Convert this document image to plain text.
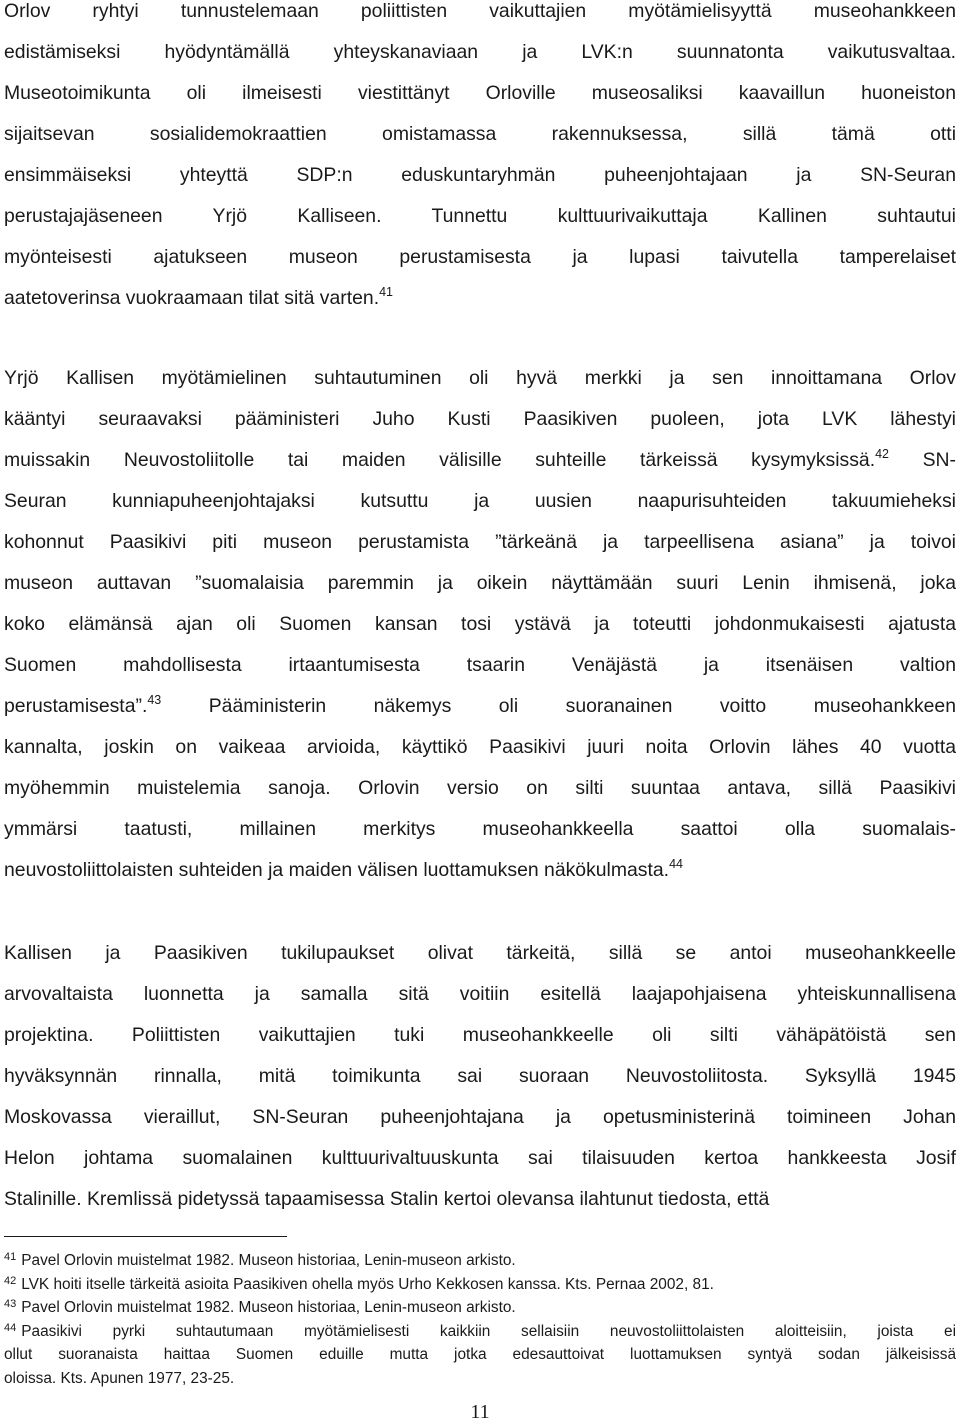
Orlov ryhtyi tunnustelemaan poliittisten vaikuttajien myötämielisyyttä museohankkeen
edistämiseksi hyödyntämällä yhteyskanaviaan ja LVK:n suunnatonta vaikutusvaltaa.
Museotoimikunta oli ilmeisesti viestittänyt Orloville museosaliksi kaavaillun huoneiston
sijaitsevan sosialidemokraattien omistamassa rakennuksessa, sillä tämä otti
ensimmäiseksi yhteyttä SDP:n eduskuntaryhmän puheenjohtajaan ja SN-Seuran
perustajajäseneen Yrjö Kalliseen. Tunnettu kulttuurivaikuttaja Kallinen suhtautui
myönteisesti ajatukseen museon perustamisesta ja lupasi taivutella tamperelaiset
aatetoverinsa vuokraamaan tilat sitä varten.$^{41}$
Yrjö Kallisen myötämielinen suhtautuminen oli hyvä merkki ja sen innoittamana Orlov
kääntyi seuraavaksi pääministeri Juho Kusti Paasikiven puoleen, jota LVK lähestyi
muissakin Neuvostoliitolle tai maiden välisille suhteille tärkeissä kysymyksissä.$^{42}$ SN-
Seuran kunniapuheenjohtajaksi kutsuttu ja uusien naapurisuhteiden takuumieheksi
kohonnut Paasikivi piti museon perustamista ”tärkeänä ja tarpeellisena asiana” ja toivoi
museon auttavan ”suomalaisia paremmin ja oikein näyttämään suuri Lenin ihmisenä, joka
koko elämänsä ajan oli Suomen kansan tosi ystävä ja toteutti johdonmukaisesti ajatusta
Suomen mahdollisesta irtaantumisesta tsaarin Venäjästä ja itsenäisen valtion
perustamisesta”.$^{43}$ Pääministerin näkemys oli suoranainen voitto museohankkeen
kannalta, joskin on vaikeaa arvioida, käyttikö Paasikivi juuri noita Orlovin lähes 40 vuotta
myöhemmin muistelemia sanoja. Orlovin versio on silti suuntaa antava, sillä Paasikivi
ymmärsi taatusti, millainen merkitys museohankkeella saattoi olla suomalais-
neuvostoliittolaisten suhteiden ja maiden välisen luottamuksen näkökulmasta.$^{44}$
Kallisen ja Paasikiven tukilupaukset olivat tärkeitä, sillä se antoi museohankkeelle
arvovaltaista luonnetta ja samalla sitä voitiin esitellä laajapohjaisena yhteiskunnallisena
projektina. Poliittisten vaikuttajien tuki museohankkeelle oli silti vähäpätöistä sen
hyväksynnän rinnalla, mitä toimikunta sai suoraan Neuvostoliitosta. Syksyllä 1945
Moskovassa vieraillut, SN-Seuran puheenjohtajana ja opetusministerinä toimineen Johan
Helon johtama suomalainen kulttuurivaltuuskunta sai tilaisuuden kertoa hankkeesta Josif
Stalinille. Kremlissä pidetyssä tapaamisessa Stalin kertoi olevansa ilahtunut tiedosta, että
$^{41}$ Pavel Orlovin muistelmat 1982. Museon historiaa, Lenin-museon arkisto.
$^{42}$ LVK hoiti itselle tärkeitä asioita Paasikiven ohella myös Urho Kekkosen kanssa. Kts. Pernaa 2002, 81.
$^{43}$ Pavel Orlovin muistelmat 1982. Museon historiaa, Lenin-museon arkisto.
$^{44}$ Paasikivi pyrki suhtautumaan myötämielisesti kaikkiin sellaisiin neuvostoliittolaisten aloitteisiin, joista ei
ollut suoranaista haittaa Suomen eduille mutta jotka edesauttoivat luottamuksen syntyä sodan jälkeisissä
oloissa. Kts. Apunen 1977, 23-25.
11
